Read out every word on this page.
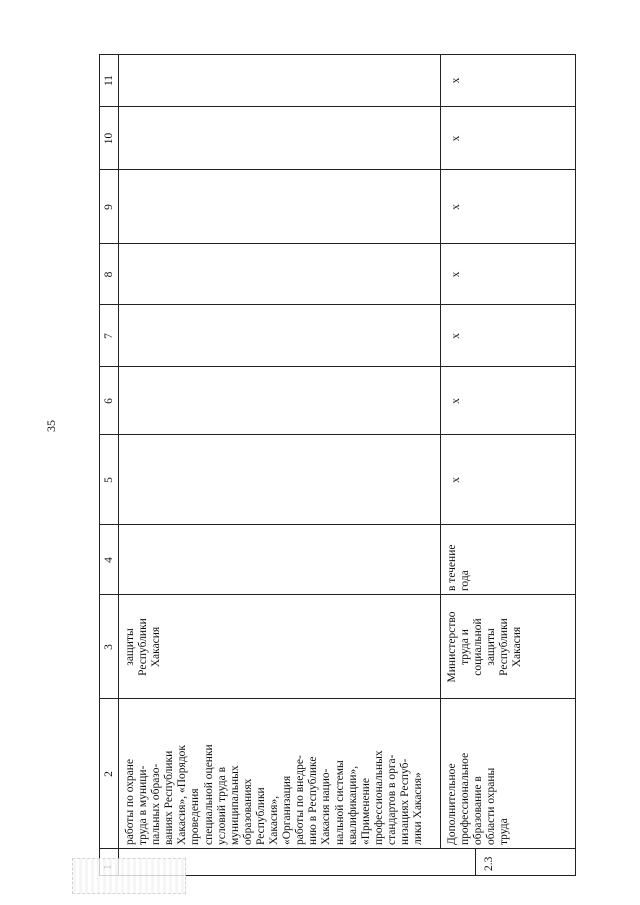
35
2
3
4
5
6
7
8
9
10
11
работы по охране
труда в муници-
пальных образо-
ваниях Республики
Хакасия», «Порядок
проведения
специальной оценки
условий труда в
муниципальных
образованиях
Республики
Хакасия»,
«Организация
работы по внедре-
нию в Республике
Хакасия нацио-
нальной системы
квалификации»,
«Применение
профессиональных
стандартов в орга-
низациях Респуб-
лики Хакасия»
защиты
Республики
Хакасия
Дополнительное
профессиональное
образование в
области охраны
труда
Министерство
труда и
социальной
защиты
Республики
Хакасия
в течение
года
х
х
х
х
х
х
х

2.3
